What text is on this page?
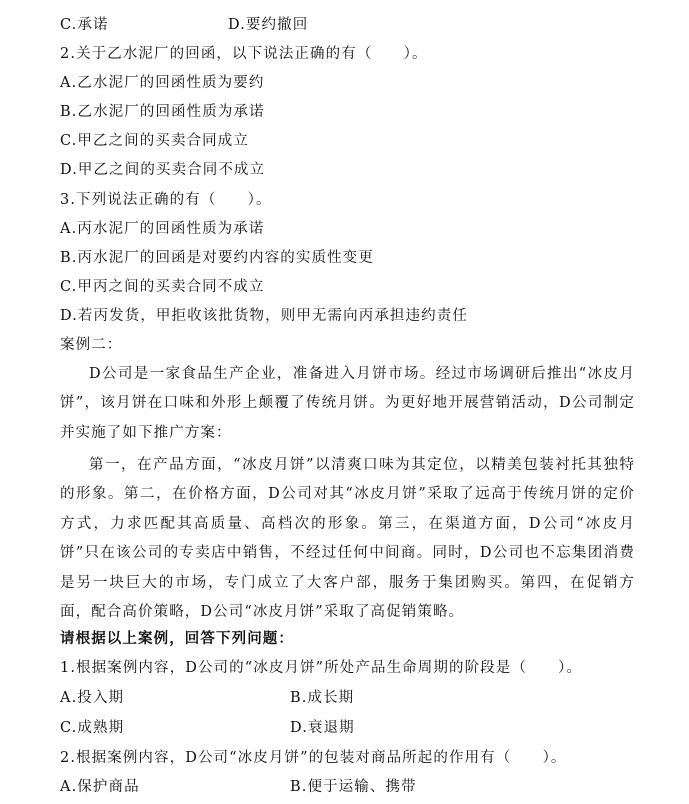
C.承诺	D.要约撤回
2.关于乙水泥厂的回函，以下说法正确的有（　　）。
A.乙水泥厂的回函性质为要约
B.乙水泥厂的回函性质为承诺
C.甲乙之间的买卖合同成立
D.甲乙之间的买卖合同不成立
3.下列说法正确的有（　　）。
A.丙水泥厂的回函性质为承诺
B.丙水泥厂的回函是对要约内容的实质性变更
C.甲丙之间的买卖合同不成立
D.若丙发货，甲拒收该批货物，则甲无需向丙承担违约责任
案例二：
D公司是一家食品生产企业，准备进入月饼市场。经过市场调研后推出“冰皮月饼”，该月饼在口味和外形上颠覆了传统月饼。为更好地开展营销活动，D公司制定并实施了如下推广方案：
第一，在产品方面，“冰皮月饼”以清爽口味为其定位，以精美包装衬托其独特的形象。第二，在价格方面，D公司对其“冰皮月饼”采取了远高于传统月饼的定价方式，力求匹配其高质量、高档次的形象。第三，在渠道方面，D公司“冰皮月饼”只在该公司的专卖店中销售，不经过任何中间商。同时，D公司也不忘集团消费是另一块巨大的市场，专门成立了大客户部，服务于集团购买。第四，在促销方面，配合高价策略，D公司“冰皮月饼”采取了高促销策略。
请根据以上案例，回答下列问题：
1.根据案例内容，D公司的“冰皮月饼”所处产品生命周期的阶段是（　　）。
A.投入期	B.成长期
C.成熟期	D.衰退期
2.根据案例内容，D公司“冰皮月饼”的包装对商品所起的作用有（　　）。
A.保护商品	B.便于运输、携带
